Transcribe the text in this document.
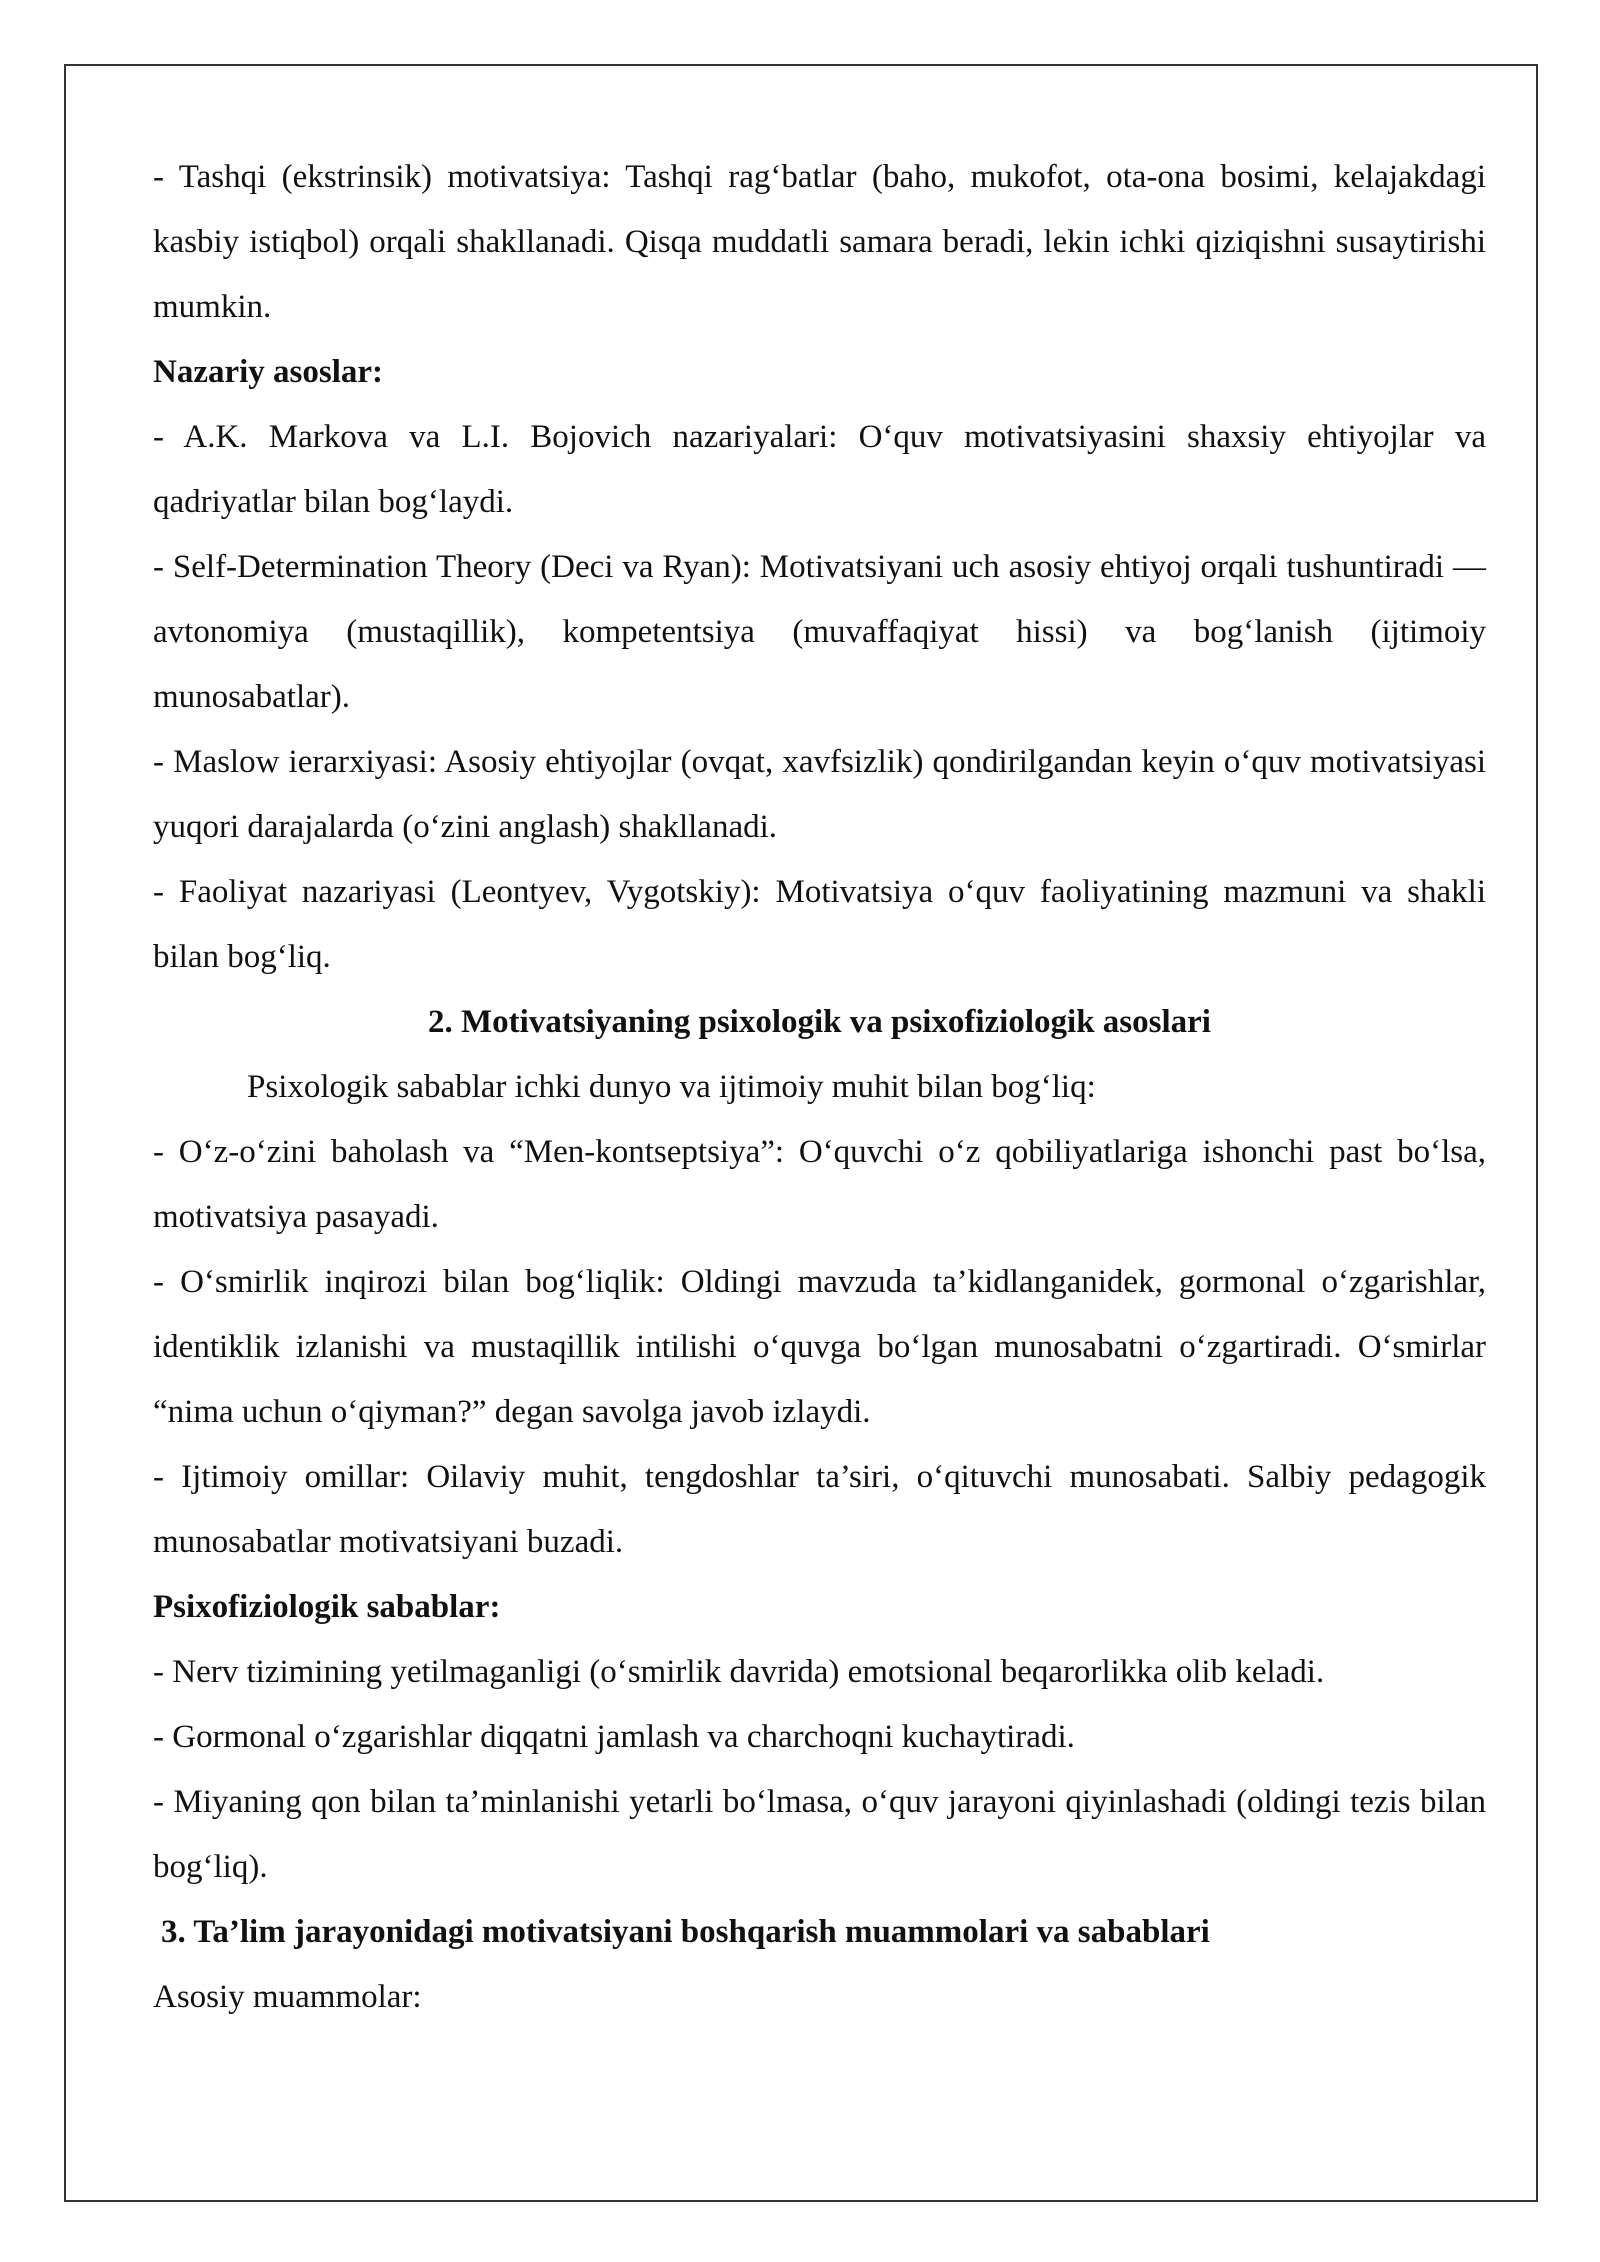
- Tashqi (ekstrinsik) motivatsiya: Tashqi rag‘batlar (baho, mukofot, ota-ona bosimi, kelajakdagi kasbiy istiqbol) orqali shakllanadi. Qisqa muddatli samara beradi, lekin ichki qiziqishni susaytirishi mumkin.

Nazariy asoslar:

- A.K. Markova va L.I. Bojovich nazariyalari: O‘quv motivatsiyasini shaxsiy ehtiyojlar va qadriyatlar bilan bog‘laydi.

- Self-Determination Theory (Deci va Ryan): Motivatsiyani uch asosiy ehtiyoj orqali tushuntiradi — avtonomiya (mustaqillik), kompetentsiya (muvaffaqiyat hissi) va bog‘lanish (ijtimoiy munosabatlar).

- Maslow ierarxiyasi: Asosiy ehtiyojlar (ovqat, xavfsizlik) qondirilgandan keyin o‘quv motivatsiyasi yuqori darajalarda (o‘zini anglash) shakllanadi.

- Faoliyat nazariyasi (Leontyev, Vygotskiy): Motivatsiya o‘quv faoliyatining mazmuni va shakli bilan bog‘liq.

2. Motivatsiyaning psixologik va psixofiziologik asoslari

Psixologik sabablar ichki dunyo va ijtimoiy muhit bilan bog‘liq:

- O‘z-o‘zini baholash va “Men-kontseptsiya”: O‘quvchi o‘z qobiliyatlariga ishonchi past bo‘lsa, motivatsiya pasayadi.

- O‘smirlik inqirozi bilan bog‘liqlik: Oldingi mavzuda ta’kidlanganidek, gormonal o‘zgarishlar, identiklik izlanishi va mustaqillik intilishi o‘quvga bo‘lgan munosabatni o‘zgartiradi. O‘smirlar “nima uchun o‘qiyman?” degan savolga javob izlaydi.

- Ijtimoiy omillar: Oilaviy muhit, tengdoshlar ta’siri, o‘qituvchi munosabati. Salbiy pedagogik munosabatlar motivatsiyani buzadi.

Psixofiziologik sabablar:

- Nerv tizimining yetilmaganligi (o‘smirlik davrida) emotsional beqarorlikka olib keladi.

- Gormonal o‘zgarishlar diqqatni jamlash va charchoqni kuchaytiradi.

- Miyaning qon bilan ta’minlanishi yetarli bo‘lmasa, o‘quv jarayoni qiyinlashadi (oldingi tezis bilan bog‘liq).

3. Ta’lim jarayonidagi motivatsiyani boshqarish muammolari va sabablari

Asosiy muammolar:
